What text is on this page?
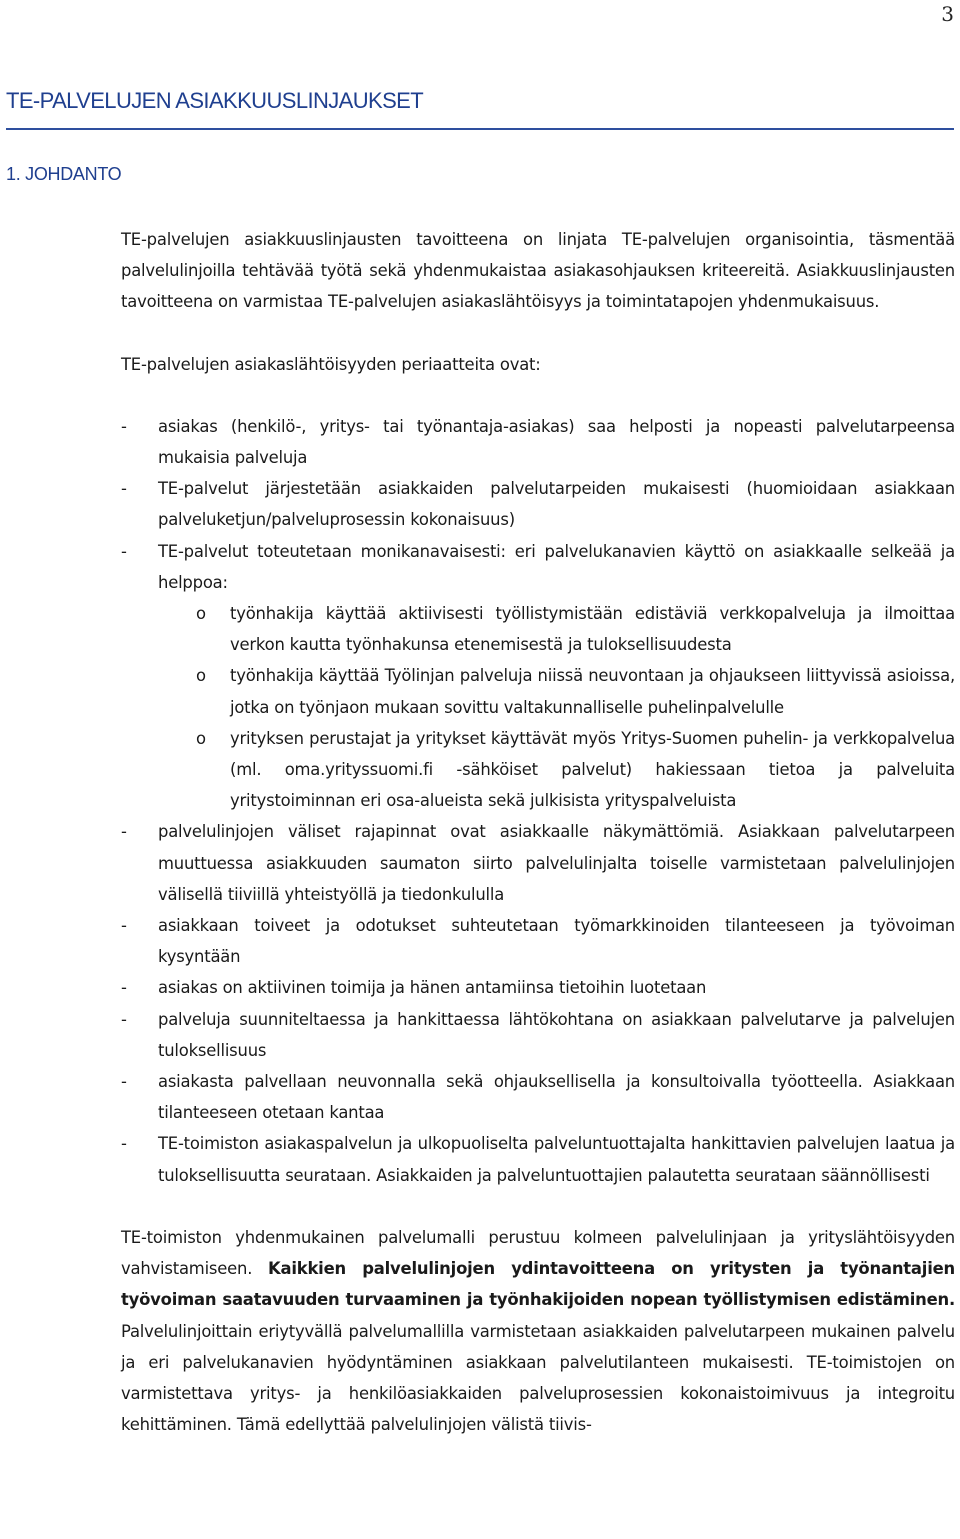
3
TE-PALVELUJEN ASIAKKUUSLINJAUKSET
1. JOHDANTO

TE-palvelujen asiakkuuslinjausten tavoitteena on linjata TE-palvelujen organisointia, täsmentää palvelulinjoilla tehtävää työtä sekä yhdenmukaistaa asiakasohjauksen kriteereitä. Asiakkuuslinjausten tavoitteena on varmistaa TE-palvelujen asiakaslähtöisyys ja toimintatapojen yhdenmukaisuus.

TE-palvelujen asiakaslähtöisyyden periaatteita ovat:

- asiakas (henkilö-, yritys- tai työnantaja-asiakas) saa helposti ja nopeasti palvelutarpeensa mukaisia palveluja
- TE-palvelut järjestetään asiakkaiden palvelutarpeiden mukaisesti (huomioidaan asiakkaan palveluketjun/palveluprosessin kokonaisuus)
- TE-palvelut toteutetaan monikanavaisesti: eri palvelukanavien käyttö on asiakkaalle selkeää ja helppoa:
o työnhakija käyttää aktiivisesti työllistymistään edistäviä verkkopalveluja ja ilmoittaa verkon kautta työnhakunsa etenemisestä ja tuloksellisuudesta
o työnhakija käyttää Työlinjan palveluja niissä neuvontaan ja ohjaukseen liittyvissä asioissa, jotka on työnjaon mukaan sovittu valtakunnalliselle puhelinpalvelulle
o yrityksen perustajat ja yritykset käyttävät myös Yritys-Suomen puhelin- ja verkkopalvelua (ml. oma.yrityssuomi.fi -sähköiset palvelut) hakiessaan tietoa ja palveluita yritystoiminnan eri osa-alueista sekä julkisista yrityspalveluista
- palvelulinjojen väliset rajapinnat ovat asiakkaalle näkymättömiä. Asiakkaan palvelutarpeen muuttuessa asiakkuuden saumaton siirto palvelulinjalta toiselle varmistetaan palvelulinjojen välisellä tiiviillä yhteistyöllä ja tiedonkululla
- asiakkaan toiveet ja odotukset suhteutetaan työmarkkinoiden tilanteeseen ja työvoiman kysyntään
- asiakas on aktiivinen toimija ja hänen antamiinsa tietoihin luotetaan
- palveluja suunniteltaessa ja hankittaessa lähtökohtana on asiakkaan palvelutarve ja palvelujen tuloksellisuus
- asiakasta palvellaan neuvonnalla sekä ohjauksellisella ja konsultoivalla työotteella. Asiakkaan tilanteeseen otetaan kantaa
- TE-toimiston asiakaspalvelun ja ulkopuoliselta palveluntuottajalta hankittavien palvelujen laatua ja tuloksellisuutta seurataan. Asiakkaiden ja palveluntuottajien palautetta seurataan säännöllisesti

TE-toimiston yhdenmukainen palvelumalli perustuu kolmeen palvelulinjaan ja yrityslähtöisyyden vahvistamiseen. Kaikkien palvelulinjojen ydintavoitteena on yritysten ja työnantajien työvoiman saatavuuden turvaaminen ja työnhakijoiden nopean työllistymisen edistäminen. Palvelulinjoittain eriytyvällä palvelumallilla varmistetaan asiakkaiden palvelutarpeen mukainen palvelu ja eri palvelukanavien hyödyntäminen asiakkaan palvelutilanteen mukaisesti. TE-toimistojen on varmistettava yritys- ja henkilöasiakkaiden palveluprosessien kokonaistoimivuus ja integroitu kehittäminen. Tämä edellyttää palvelulinjojen välistä tiivis-
